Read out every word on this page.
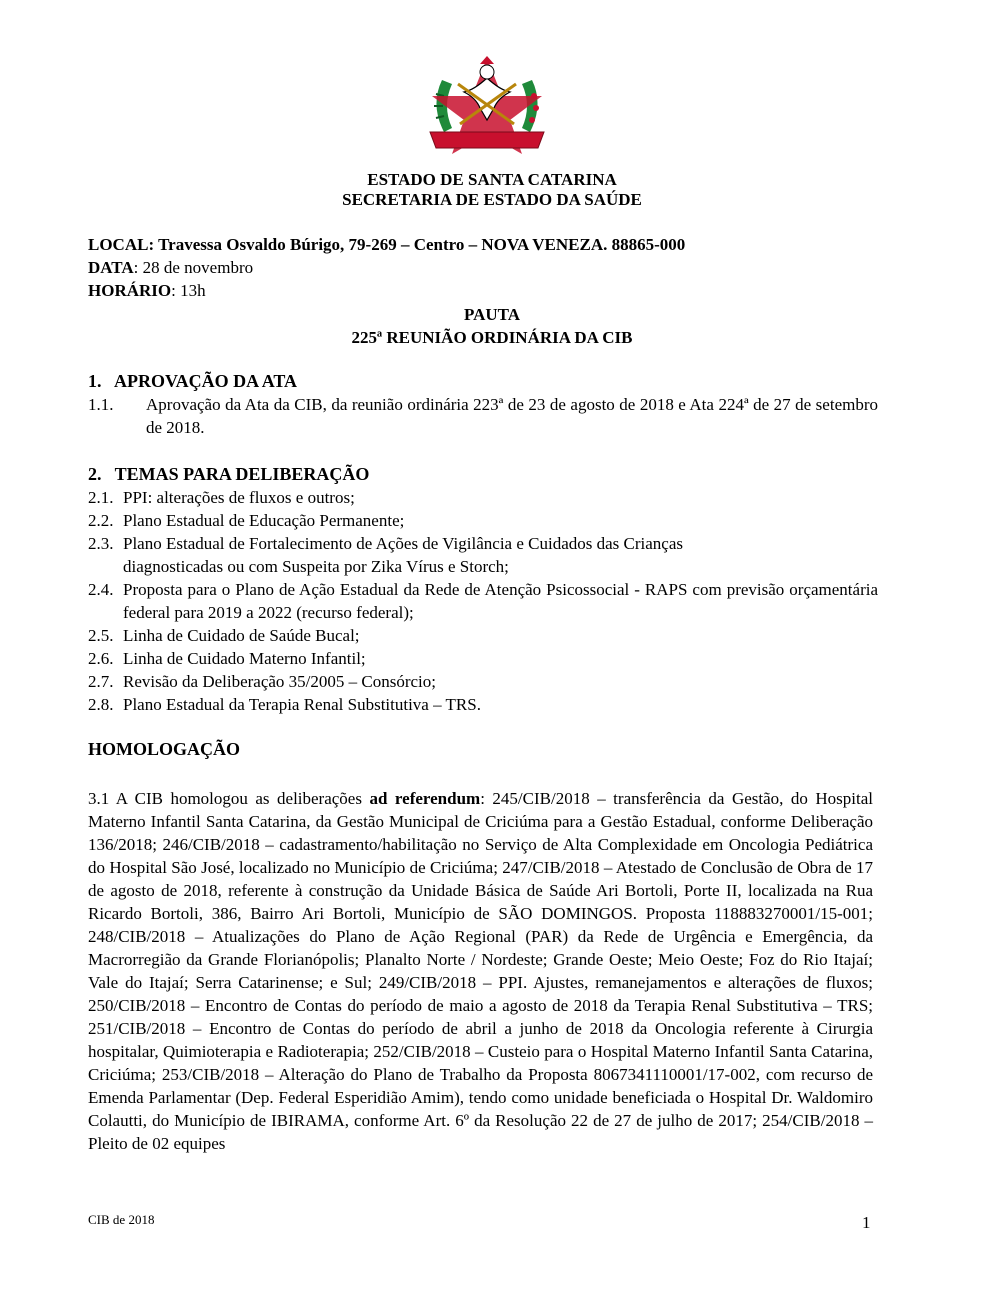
ESTADO DE SANTA CATARINA
SECRETARIA DE ESTADO DA SAÚDE
LOCAL: Travessa Osvaldo Búrigo, 79-269 – Centro – NOVA VENEZA. 88865-000
DATA: 28 de novembro
HORÁRIO: 13h
PAUTA
225ª REUNIÃO ORDINÁRIA DA CIB
1.   APROVAÇÃO DA ATA
1.1. Aprovação da Ata da CIB, da reunião ordinária 223ª de 23 de agosto de 2018 e Ata 224ª de 27 de setembro de 2018.
2.   TEMAS PARA DELIBERAÇÃO
2.1. PPI: alterações de fluxos e outros;
2.2. Plano Estadual de Educação Permanente;
2.3. Plano Estadual de Fortalecimento de Ações de Vigilância e Cuidados das Crianças diagnosticadas ou com Suspeita por Zika Vírus e Storch;
2.4. Proposta para o Plano de Ação Estadual da Rede de Atenção Psicossocial - RAPS com previsão orçamentária federal para 2019 a 2022 (recurso federal);
2.5. Linha de Cuidado de Saúde Bucal;
2.6. Linha de Cuidado Materno Infantil;
2.7. Revisão da Deliberação 35/2005 – Consórcio;
2.8. Plano Estadual da Terapia Renal Substitutiva – TRS.
HOMOLOGAÇÃO
3.1 A CIB homologou as deliberações ad referendum: 245/CIB/2018 – transferência da Gestão, do Hospital Materno Infantil Santa Catarina, da Gestão Municipal de Criciúma para a Gestão Estadual, conforme Deliberação 136/2018; 246/CIB/2018 – cadastramento/habilitação no Serviço de Alta Complexidade em Oncologia Pediátrica do Hospital São José, localizado no Município de Criciúma; 247/CIB/2018 – Atestado de Conclusão de Obra de 17 de agosto de 2018, referente à construção da Unidade Básica de Saúde Ari Bortoli, Porte II, localizada na Rua Ricardo Bortoli, 386, Bairro Ari Bortoli, Município de SÃO DOMINGOS. Proposta 118883270001/15-001; 248/CIB/2018 – Atualizações do Plano de Ação Regional (PAR) da Rede de Urgência e Emergência, da Macrorregião da Grande Florianópolis; Planalto Norte / Nordeste; Grande Oeste; Meio Oeste; Foz do Rio Itajaí; Vale do Itajaí; Serra Catarinense; e Sul; 249/CIB/2018 – PPI. Ajustes, remanejamentos e alterações de fluxos; 250/CIB/2018 – Encontro de Contas do período de maio a agosto de 2018 da Terapia Renal Substitutiva – TRS; 251/CIB/2018 – Encontro de Contas do período de abril a junho de 2018 da Oncologia referente à Cirurgia hospitalar, Quimioterapia e Radioterapia; 252/CIB/2018 – Custeio para o Hospital Materno Infantil Santa Catarina, Criciúma; 253/CIB/2018 – Alteração do Plano de Trabalho da Proposta 8067341110001/17-002, com recurso de Emenda Parlamentar (Dep. Federal Esperidião Amim), tendo como unidade beneficiada o Hospital Dr. Waldomiro Colautti, do Município de IBIRAMA, conforme Art. 6º da Resolução 22 de 27 de julho de 2017; 254/CIB/2018 – Pleito de 02 equipes
CIB de 2018	1
